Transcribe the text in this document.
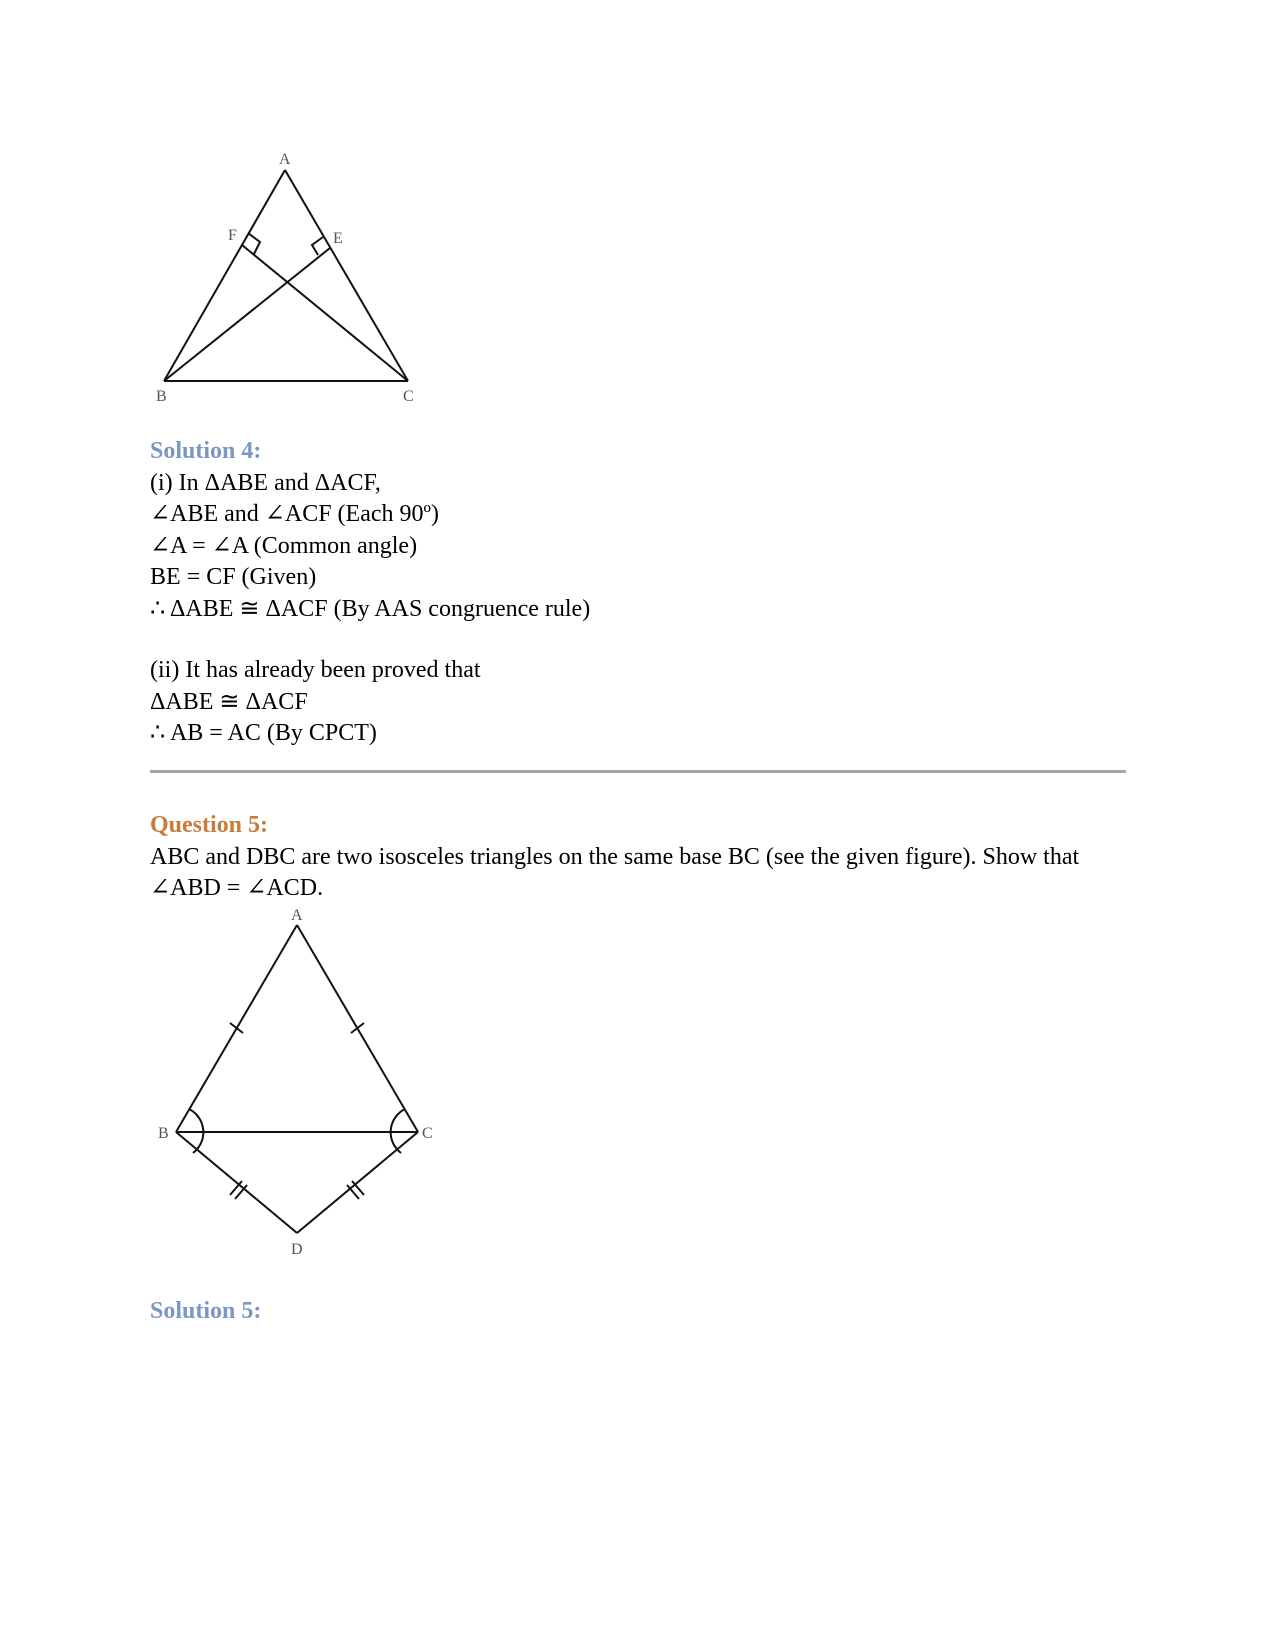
A
B	C
F	E
Solution 4:
(i) In ΔABE and ΔACF,
∠ABE and ∠ACF (Each 90º)
∠A = ∠A (Common angle)
BE = CF (Given)
∴ ΔABE ≅ ΔACF (By AAS congruence rule)
(ii) It has already been proved that
ΔABE ≅ ΔACF
∴ AB = AC (By CPCT)
Question 5:
ABC and DBC are two isosceles triangles on the same base BC (see the given figure). Show that ∠ABD = ∠ACD.
A
B	C
D
Solution 5:
